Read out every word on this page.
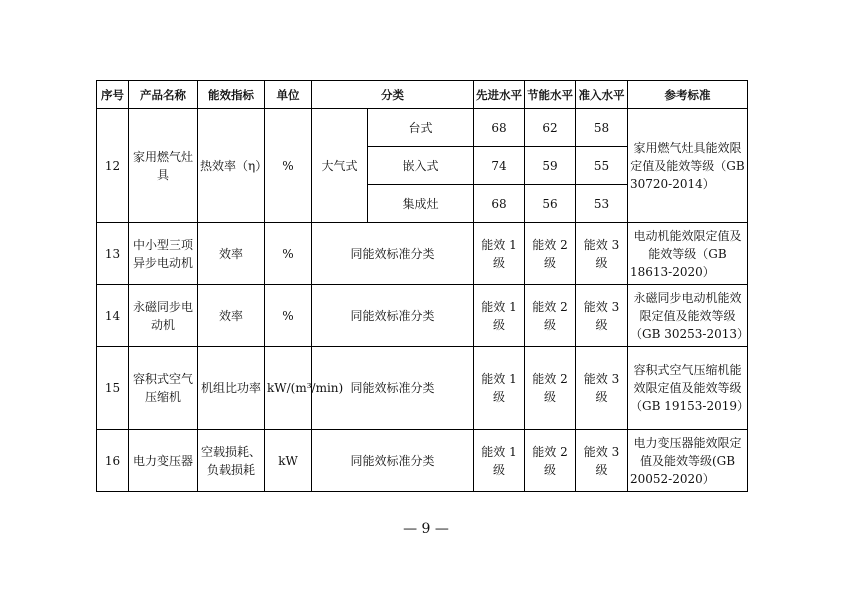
序号	产品名称	能效指标	单位	分类		先进水平	节能水平	准入水平	参考标准
12	家用燃气灶具	热效率（η）	%	大气式	台式	68	62	58	家用燃气灶具能效限定值及能效等级（GB 30720-2014）
					嵌入式	74	59	55	
					集成灶	68	56	53	
13	中小型三项异步电动机	效率	%	同能效标准分类		能效 1 级	能效 2 级	能效 3 级	电动机能效限定值及能效等级（GB 18613-2020）
14	永磁同步电动机	效率	%	同能效标准分类		能效 1 级	能效 2 级	能效 3 级	永磁同步电动机能效限定值及能效等级（GB 30253-2013）
15	容积式空气压缩机	机组比功率	kW/(m³/min)	同能效标准分类		能效 1 级	能效 2 级	能效 3 级	容积式空气压缩机能效限定值及能效等级（GB 19153-2019）
16	电力变压器	空载损耗、负载损耗	kW	同能效标准分类		能效 1 级	能效 2 级	能效 3 级	电力变压器能效限定值及能效等级(GB 20052-2020）
— 9 —
